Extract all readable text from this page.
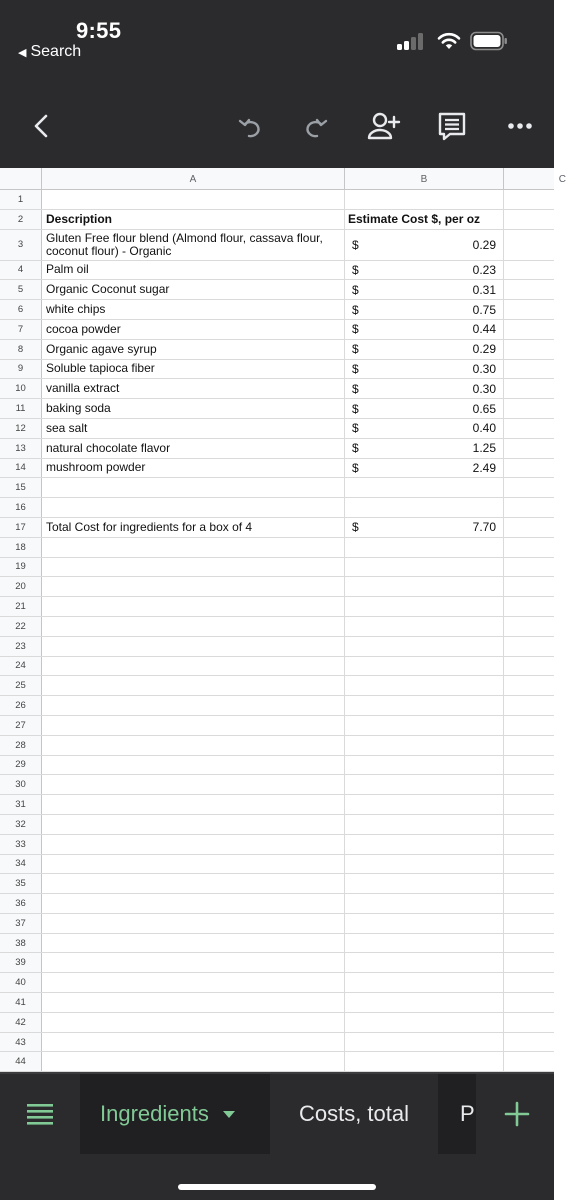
9:55
◀ Search
A	B	C
1
2	Description	Estimate Cost $, per oz
3	Gluten Free flour blend (Almond flour, cassava flour, coconut flour) - Organic	$	0.29
4	Palm oil	$	0.23
5	Organic Coconut sugar	$	0.31
6	white chips	$	0.75
7	cocoa powder	$	0.44
8	Organic agave syrup	$	0.29
9	Soluble tapioca fiber	$	0.30
10	vanilla extract	$	0.30
11	baking soda	$	0.65
12	sea salt	$	0.40
13	natural chocolate flavor	$	1.25
14	mushroom powder	$	2.49
15
16
17	Total Cost for ingredients for a box of 4	$	7.70
18
19
20
21
22
23
24
25
26
27
28
29
30
31
32
33
34
35
36
37
38
39
40
41
42
43
44
Ingredients	Costs, total P
